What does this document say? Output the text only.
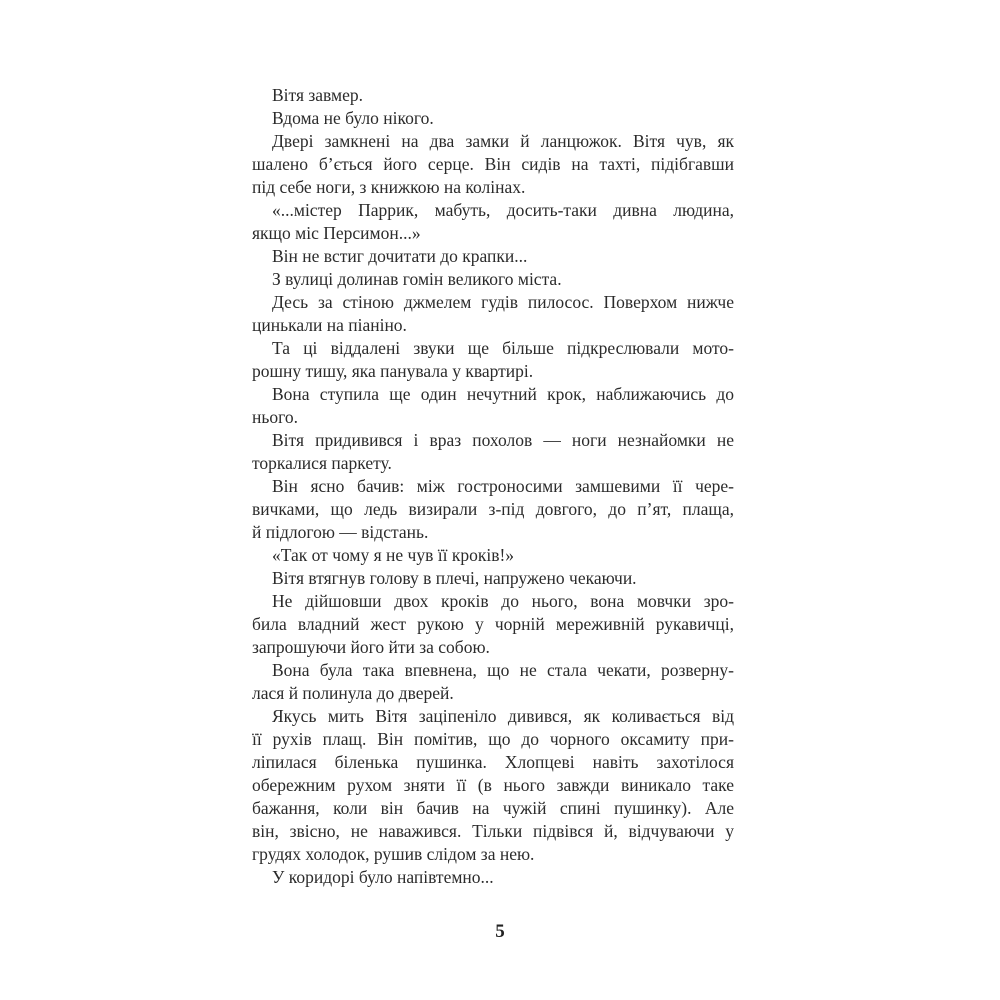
Вітя завмер.
Вдома не було нікого.
Двері замкнені на два замки й ланцюжок. Вітя чув, як
шалено б’ється його серце. Він сидів на тахті, підібгавши
під себе ноги, з книжкою на колінах.
«...містер Паррик, мабуть, досить-таки дивна людина,
якщо міс Персимон...»
Він не встиг дочитати до крапки...
З вулиці долинав гомін великого міста.
Десь за стіною джмелем гудів пилосос. Поверхом нижче
цинькали на піаніно.
Та ці віддалені звуки ще більше підкреслювали мото-
рошну тишу, яка панувала у квартирі.
Вона ступила ще один нечутний крок, наближаючись до
нього.
Вітя придивився і враз похолов — ноги незнайомки не
торкалися паркету.
Він ясно бачив: між гостроносими замшевими її чере-
вичками, що ледь визирали з-під довгого, до п’ят, плаща,
й підлогою — відстань.
«Так от чому я не чув її кроків!»
Вітя втягнув голову в плечі, напружено чекаючи.
Не дійшовши двох кроків до нього, вона мовчки зро-
била владний жест рукою у чорній мереживній рукавичці,
запрошуючи його йти за собою.
Вона була така впевнена, що не стала чекати, розверну-
лася й полинула до дверей.
Якусь мить Вітя заціпеніло дивився, як коливається від
її рухів плащ. Він помітив, що до чорного оксамиту при-
ліпилася біленька пушинка. Хлопцеві навіть захотілося
обережним рухом зняти її (в нього завжди виникало таке
бажання, коли він бачив на чужій спині пушинку). Але
він, звісно, не наважився. Тільки підвівся й, відчуваючи у
грудях холодок, рушив слідом за нею.
У коридорі було напівтемно...
5
